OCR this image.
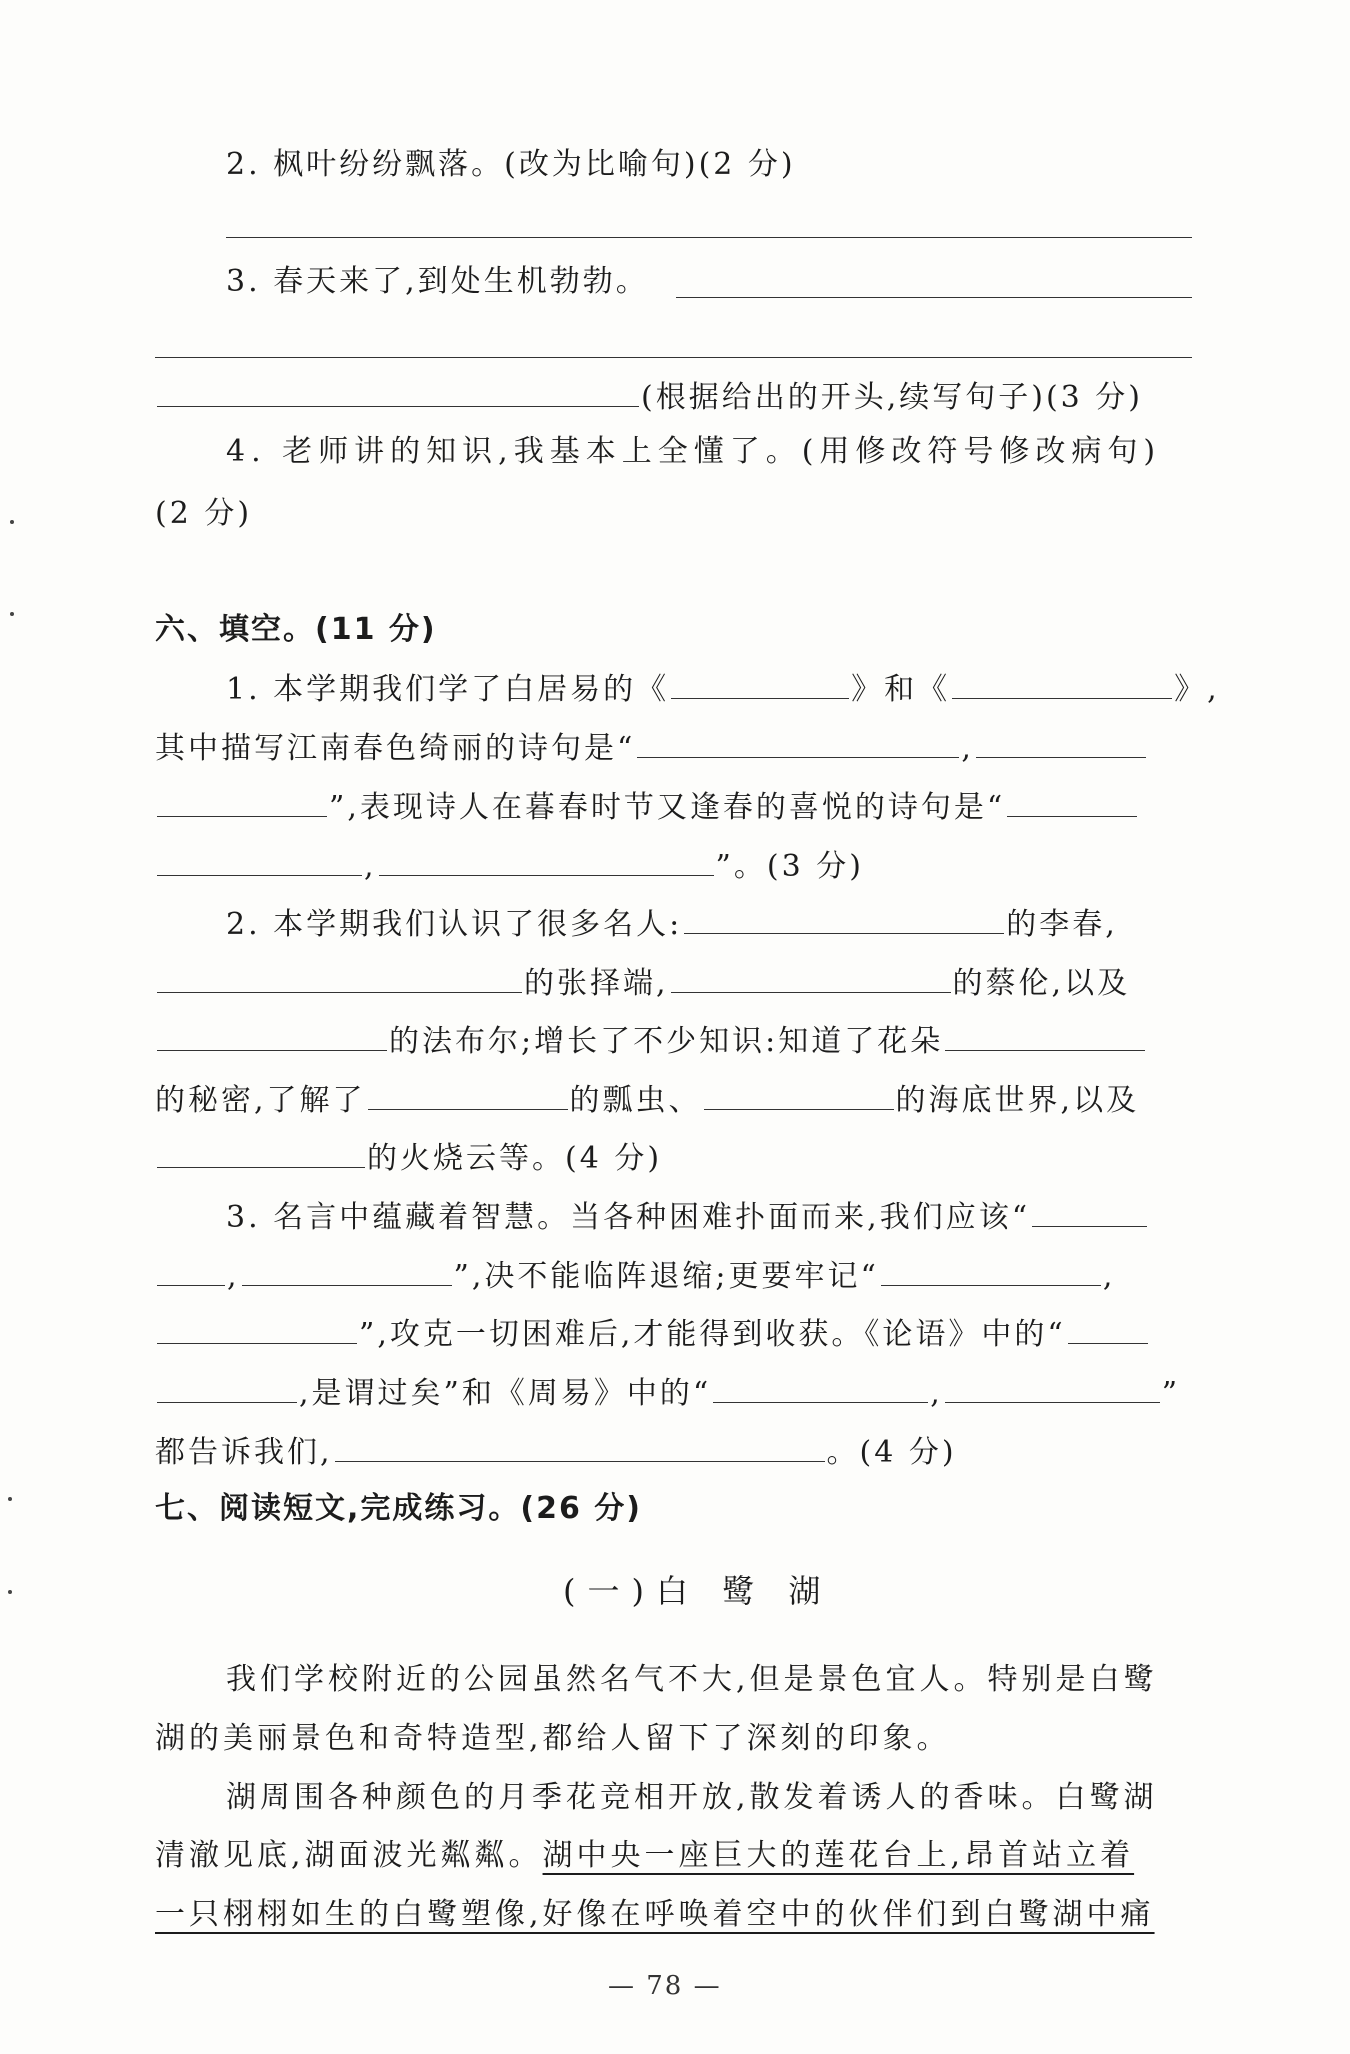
2. 枫叶纷纷飘落。(改为比喻句)(2 分)
3. 春天来了,到处生机勃勃。
(根据给出的开头,续写句子)(3 分)
4. 老师讲的知识,我基本上全懂了。(用修改符号修改病句)
(2 分)
六、填空。(11 分)
1. 本学期我们学了白居易的《	》和《	》,
其中描写江南春色绮丽的诗句是“	,
”,表现诗人在暮春时节又逢春的喜悦的诗句是“
,	”。(3 分)
2. 本学期我们认识了很多名人:	的李春,
的张择端,	的蔡伦,以及
的法布尔;增长了不少知识:知道了花朵
的秘密,了解了	的瓢虫、	的海底世界,以及
的火烧云等。(4 分)
3. 名言中蕴藏着智慧。当各种困难扑面而来,我们应该“
,	”,决不能临阵退缩;更要牢记“	,
”,攻克一切困难后,才能得到收获。《论语》中的“
,是谓过矣”和《周易》中的“	,	”
都告诉我们,	。(4 分)
七、阅读短文,完成练习。(26 分)
(一)白 鹭 湖
我们学校附近的公园虽然名气不大,但是景色宜人。特别是白鹭
湖的美丽景色和奇特造型,都给人留下了深刻的印象。
湖周围各种颜色的月季花竞相开放,散发着诱人的香味。白鹭湖
清澈见底,湖面波光粼粼。湖中央一座巨大的莲花台上,昂首站立着
一只栩栩如生的白鹭塑像,好像在呼唤着空中的伙伴们到白鹭湖中痛
— 78 —
